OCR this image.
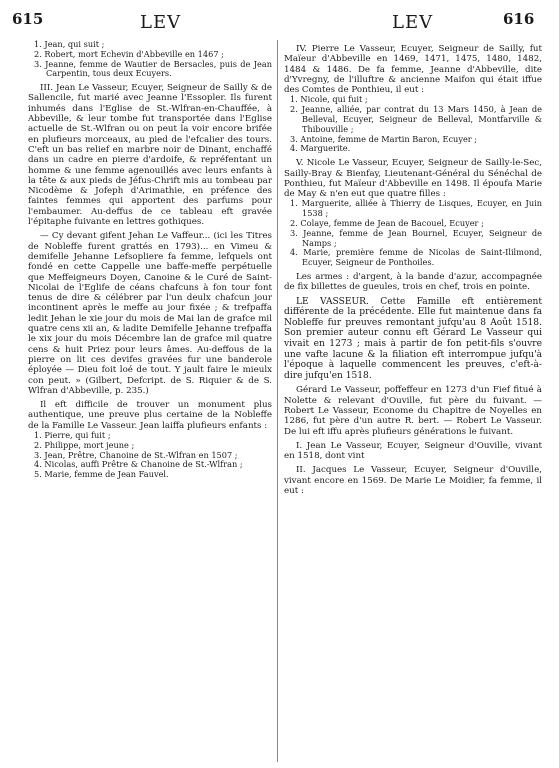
615	LEV	LEV	616

1. Jean, qui suit ;

2. Robert, mort Echevin d'Abbeville en 1467 ;

3. Jeanne, femme de Wautier de Bersacles, puis de Jean Carpentin, tous deux Ecuyers.

III. Jean Le Vasseur, Ecuyer, Seigneur de Sailly & de Sallencile, fut marié avec Jeanne l'Essopler. Ils furent inhumés dans l'Eglise de St.-Wlfran-en-Chauffée, à Abbeville, & leur tombe fut transportée dans l'Eglise actuelle de St.-Wlfran ou on peut la voir encore brifée en plufieurs morceaux, au pied de l'efcalier des tours. C'eft un bas relief en marbre noir de Dinant, enchaffé dans un cadre en pierre d'ardoife, & repréfentant un homme & une femme agenouillés avec leurs enfants à la tête & aux pieds de Jéfus-Chrift mis au tombeau par Nicodème & Jofeph d'Arimathie, en préfence des faintes femmes qui apportent des parfums pour l'embaumer. Au-deffus de ce tableau eft gravée l'épitaphe fuivante en lettres gothiques.

— Cy devant gifent Jehan Le Vaffeur... (ici les Titres de Nobleffe furent grattés en 1793)... en Vimeu & demifelle Jehanne Lefsopliere fa femme, lefquels ont fondé en cette Cappelle une baffe-meffe perpétuelle que Meffeigneurs Doyen, Canoine & le Curé de Saint-Nicolai de l'Eglife de céans chafcuns à fon tour font tenus de dire & célébrer par l'un deulx chafcun jour incontinent après le meffe au jour fixée ; & trefpaffa ledit Jehan le xie jour du mois de Mai lan de grafce mil quatre cens xii an, & ladite Demifelle Jehanne trefpaffa le xix jour du mois Décembre lan de grafce mil quatre cens & huit Priez pour leurs âmes. Au-deffous de la pierre on lit ces devifes gravées fur une banderole éployée — Dieu foit loé de tout. Y jault faire le mieulx con peut. » (Gilbert, Defcript. de S. Riquier & de S. Wlfran d'Abbeville, p. 235.)

Il eft difficile de trouver un monument plus authentique, une preuve plus certaine de la Nobleffe de la Famille Le Vasseur. Jean laiffa plufieurs enfants :

1. Pierre, qui fuit ;

2. Philippe, mort jeune ;

3. Jean, Prêtre, Chanoine de St.-Wlfran en 1507 ;

4. Nicolas, auffi Prêtre & Chanoine de St.-Wlfran ;

5. Marie, femme de Jean Fauvel.

IV. Pierre Le Vasseur, Ecuyer, Seigneur de Sailly, fut Maïeur d'Abbeville en 1469, 1471, 1475, 1480, 1482, 1484 & 1486. De fa femme, Jeanne d'Abbeville, dite d'Yvregny, de l'illuftre & ancienne Maifon qui était iffue des Comtes de Ponthieu, il eut :

1. Nicole, qui fuit ;

2. Jeanne, alliée, par contrat du 13 Mars 1450, à Jean de Belleval, Ecuyer, Seigneur de Belleval, Montfarville & Thibouville ;

3. Antoine, femme de Martin Baron, Ecuyer ;

4. Marguerite.

V. Nicole Le Vasseur, Ecuyer, Seigneur de Sailly-le-Sec, Sailly-Bray & Bienfay, Lieutenant-Général du Sénéchal de Ponthieu, fut Maïeur d'Abbeville en 1498. Il époufa Marie de May & n'en eut que quatre filles :

1. Marguerite, alliée à Thierry de Lisques, Ecuyer, en Juin 1538 ;

2. Colaye, femme de Jean de Bacouel, Ecuyer ;

3. Jeanne, femme de Jean Bournel, Ecuyer, Seigneur de Namps ;

4. Marie, première femme de Nicolas de Saint-Ililmond, Ecuyer, Seigneur de Ponthoiles.

Les armes : d'argent, à la bande d'azur, accompagnée de fix billettes de gueules, trois en chef, trois en pointe.

LE VASSEUR. Cette Famille eft entièrement différente de la précédente. Elle fut maintenue dans fa Nobleffe fur preuves remontant jufqu'au 8 Août 1518. Son premier auteur connu eft Gérard Le Vasseur qui vivait en 1273 ; mais à partir de fon petit-fils s'ouvre une vafte lacune & la filiation eft interrompue jufqu'à l'époque à laquelle commencent les preuves, c'eft-à-dire jufqu'en 1518.

Gérard Le Vasseur, poffeffeur en 1273 d'un Fief fitué à Nolette & relevant d'Ouville, fut père du fuivant. — Robert Le Vasseur, Econome du Chapitre de Noyelles en 1286, fut père d'un autre R. bert. — Robert Le Vasseur. De lui eft iffu après plufieurs générations le fuivant.

I. Jean Le Vasseur, Ecuyer, Seigneur d'Ouville, vivant en 1518, dont vint

II. Jacques Le Vasseur, Ecuyer, Seigneur d'Ouville, vivant encore en 1569. De Marie Le Moidier, fa femme, il eut :
